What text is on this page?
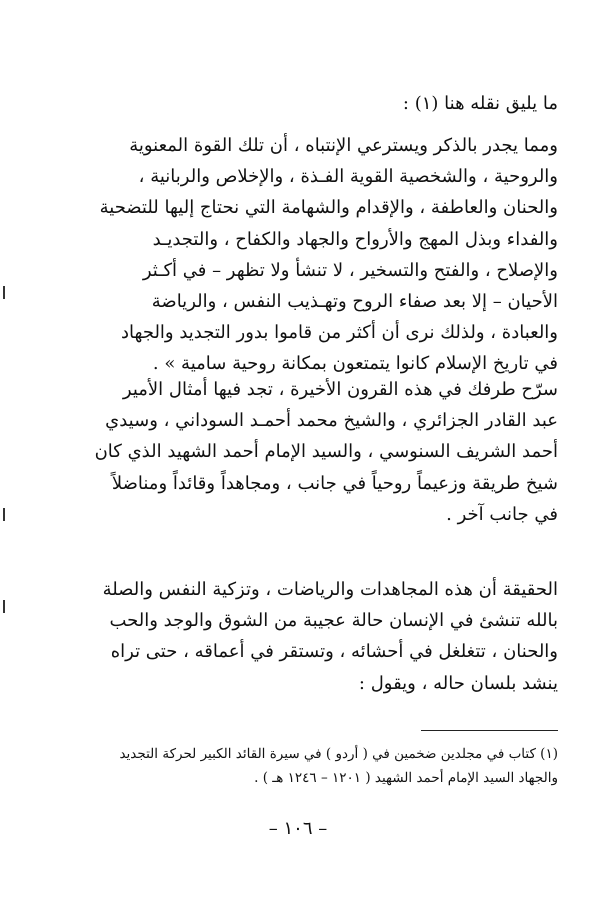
ما يليق نقله هنا (١) :

ومما يجدر بالذكر ويسترعي الإنتباه ، أن تلك القوة المعنوية
والروحية ، والشخصية القوية الفـذة ، والإخلاص والربانية ،
والحنان والعاطفة ، والإقدام والشهامة التي نحتاج إليها للتضحية
والفداء وبذل المهج والأرواح والجهاد والكفاح ، والتجديـد
والإصلاح ، والفتح والتسخير ، لا تنشأ ولا تظهر – في أكـثر
الأحيان – إلا بعد صفاء الروح وتهـذيب النفس ، والرياضة
والعبادة ، ولذلك نرى أن أكثر من قاموا بدور التجديد والجهاد
في تاريخ الإسلام كانوا يتمتعون بمكانة روحية سامية » .

سرّح طرفك في هذه القرون الأخيرة ، تجد فيها أمثال الأمير
عبد القادر الجزائري ، والشيخ محمد أحمـد السوداني ، وسيدي
أحمد الشريف السنوسي ، والسيد الإمام أحمد الشهيد الذي كان
شيخ طريقة وزعيماً روحياً في جانب ، ومجاهداً وقائداً ومناضلاً
في جانب آخر .

الحقيقة أن هذه المجاهدات والرياضات ، وتزكية النفس والصلة
بالله تنشئ في الإنسان حالة عجيبة من الشوق والوجد والحب
والحنان ، تتغلغل في أحشائه ، وتستقر في أعماقه ، حتى تراه
ينشد بلسان حاله ، ويقول :

(١) كتاب في مجلدين ضخمين في ( أردو ) في سيرة القائد الكبير لحركة التجديد
والجهاد السيد الإمام أحمد الشهيد ( ١٢٠١ – ١٢٤٦ هـ ) .
– ١٠٦ –
